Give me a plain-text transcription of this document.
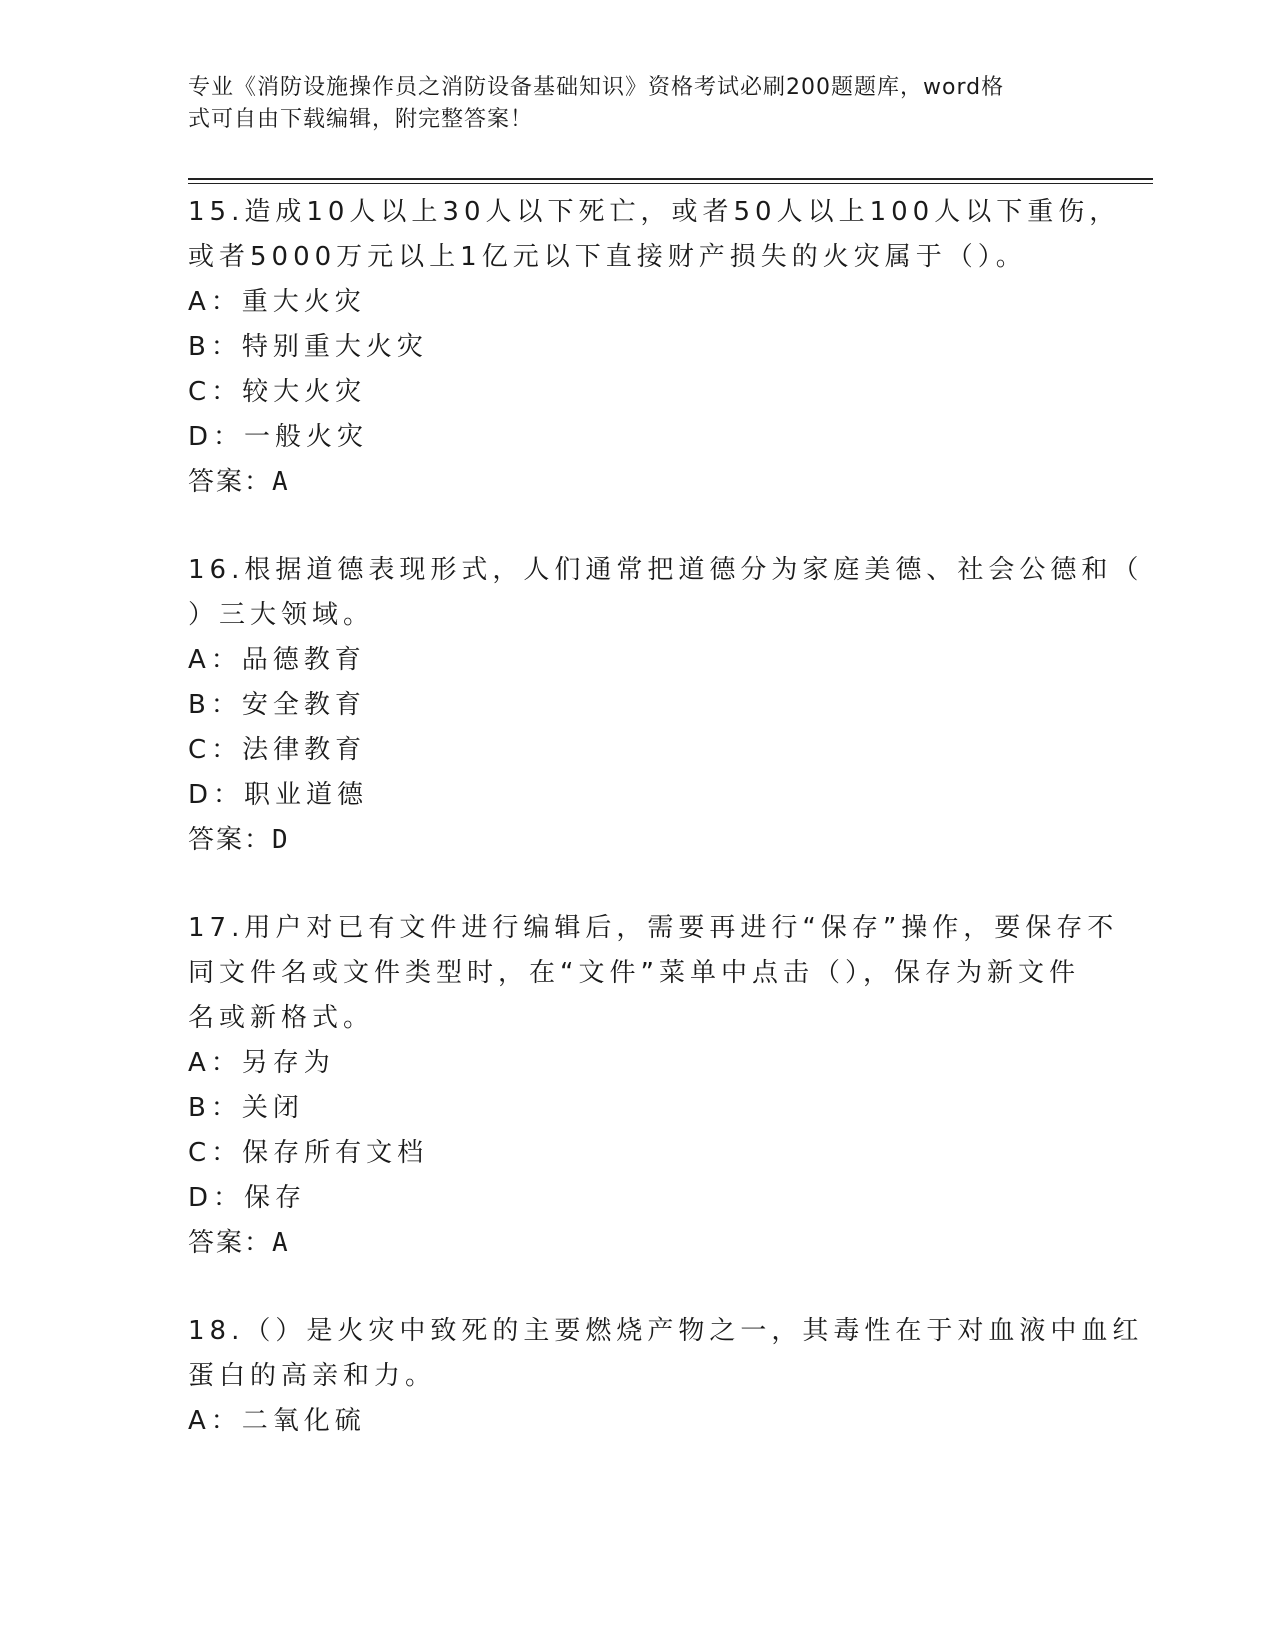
专业《消防设施操作员之消防设备基础知识》资格考试必刷200题题库，word格
式可自由下载编辑，附完整答案！

15.造成10人以上30人以下死亡，或者50人以上100人以下重伤，

或者5000万元以上1亿元以下直接财产损失的火灾属于（）。

A：重大火灾

B：特别重大火灾

C：较大火灾

D：一般火灾

答案：A

16.根据道德表现形式，人们通常把道德分为家庭美德、社会公德和（

）三大领域。

A：品德教育

B：安全教育

C：法律教育

D：职业道德

答案：D

17.用户对已有文件进行编辑后，需要再进行“保存”操作，要保存不

同文件名或文件类型时，在“文件”菜单中点击（），保存为新文件

名或新格式。

A：另存为

B：关闭

C：保存所有文档

D：保存

答案：A

18.（）是火灾中致死的主要燃烧产物之一，其毒性在于对血液中血红

蛋白的高亲和力。

A：二氧化硫
